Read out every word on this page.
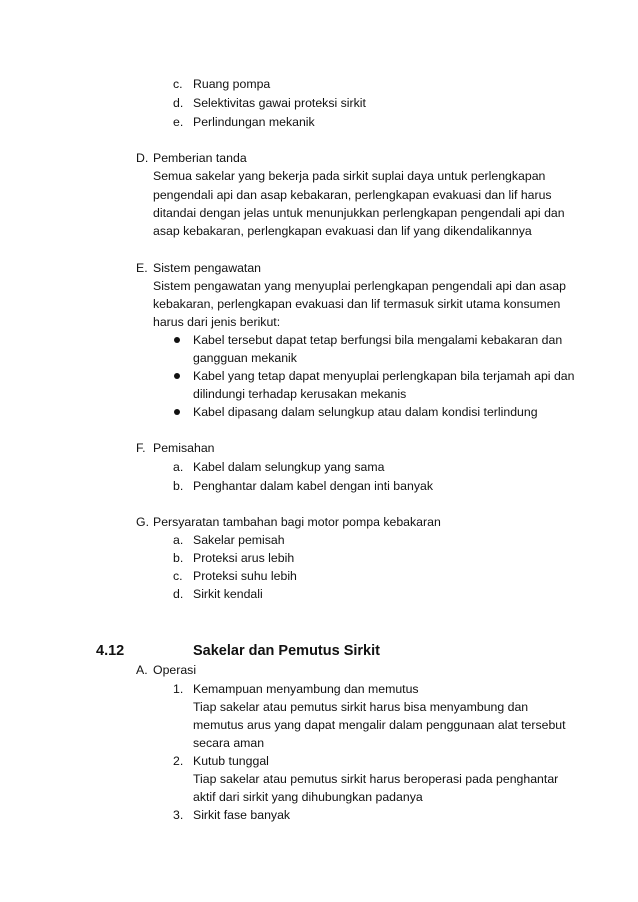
c. Ruang pompa
d. Selektivitas gawai proteksi sirkit
e. Perlindungan mekanik
D. Pemberian tanda
Semua sakelar yang bekerja pada sirkit suplai daya untuk perlengkapan
pengendali api dan asap kebakaran, perlengkapan evakuasi dan lif harus
ditandai dengan jelas untuk menunjukkan perlengkapan pengendali api dan
asap kebakaran, perlengkapan evakuasi dan lif yang dikendalikannya
E. Sistem pengawatan
Sistem pengawatan yang menyuplai perlengkapan pengendali api dan asap
kebakaran, perlengkapan evakuasi dan lif termasuk sirkit utama konsumen
harus dari jenis berikut:
Kabel tersebut dapat tetap berfungsi bila mengalami kebakaran dan
gangguan mekanik
Kabel yang tetap dapat menyuplai perlengkapan bila terjamah api dan
dilindungi terhadap kerusakan mekanis
Kabel dipasang dalam selungkup atau dalam kondisi terlindung
F. Pemisahan
a. Kabel dalam selungkup yang sama
b. Penghantar dalam kabel dengan inti banyak
G. Persyaratan tambahan bagi motor pompa kebakaran
a. Sakelar pemisah
b. Proteksi arus lebih
c. Proteksi suhu lebih
d. Sirkit kendali
4.12	Sakelar dan Pemutus Sirkit
A. Operasi
1. Kemampuan menyambung dan memutus
Tiap sakelar atau pemutus sirkit harus bisa menyambung dan
memutus arus yang dapat mengalir dalam penggunaan alat tersebut
secara aman
2. Kutub tunggal
Tiap sakelar atau pemutus sirkit harus beroperasi pada penghantar
aktif dari sirkit yang dihubungkan padanya
3. Sirkit fase banyak
